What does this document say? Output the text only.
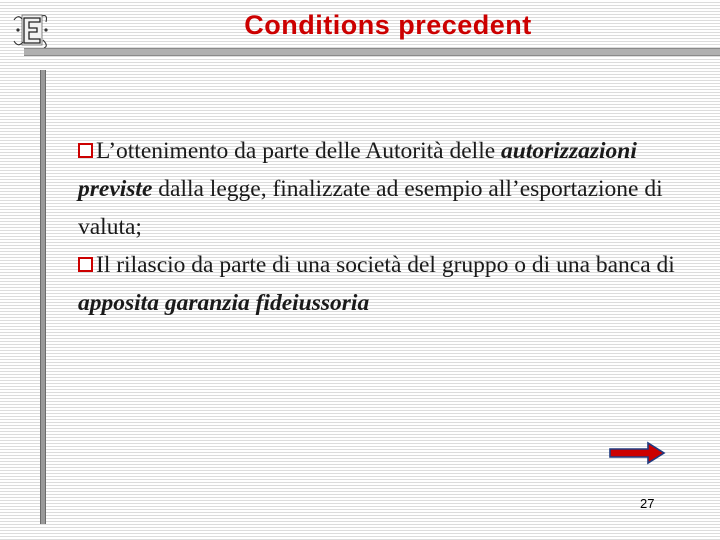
Conditions precedent

L’ottenimento da parte delle Autorità delle autorizzazioni previste dalla legge, finalizzate ad esempio all’esportazione di valuta;

Il rilascio da parte di una società del gruppo o di una banca di apposita garanzia fideiussoria

27
